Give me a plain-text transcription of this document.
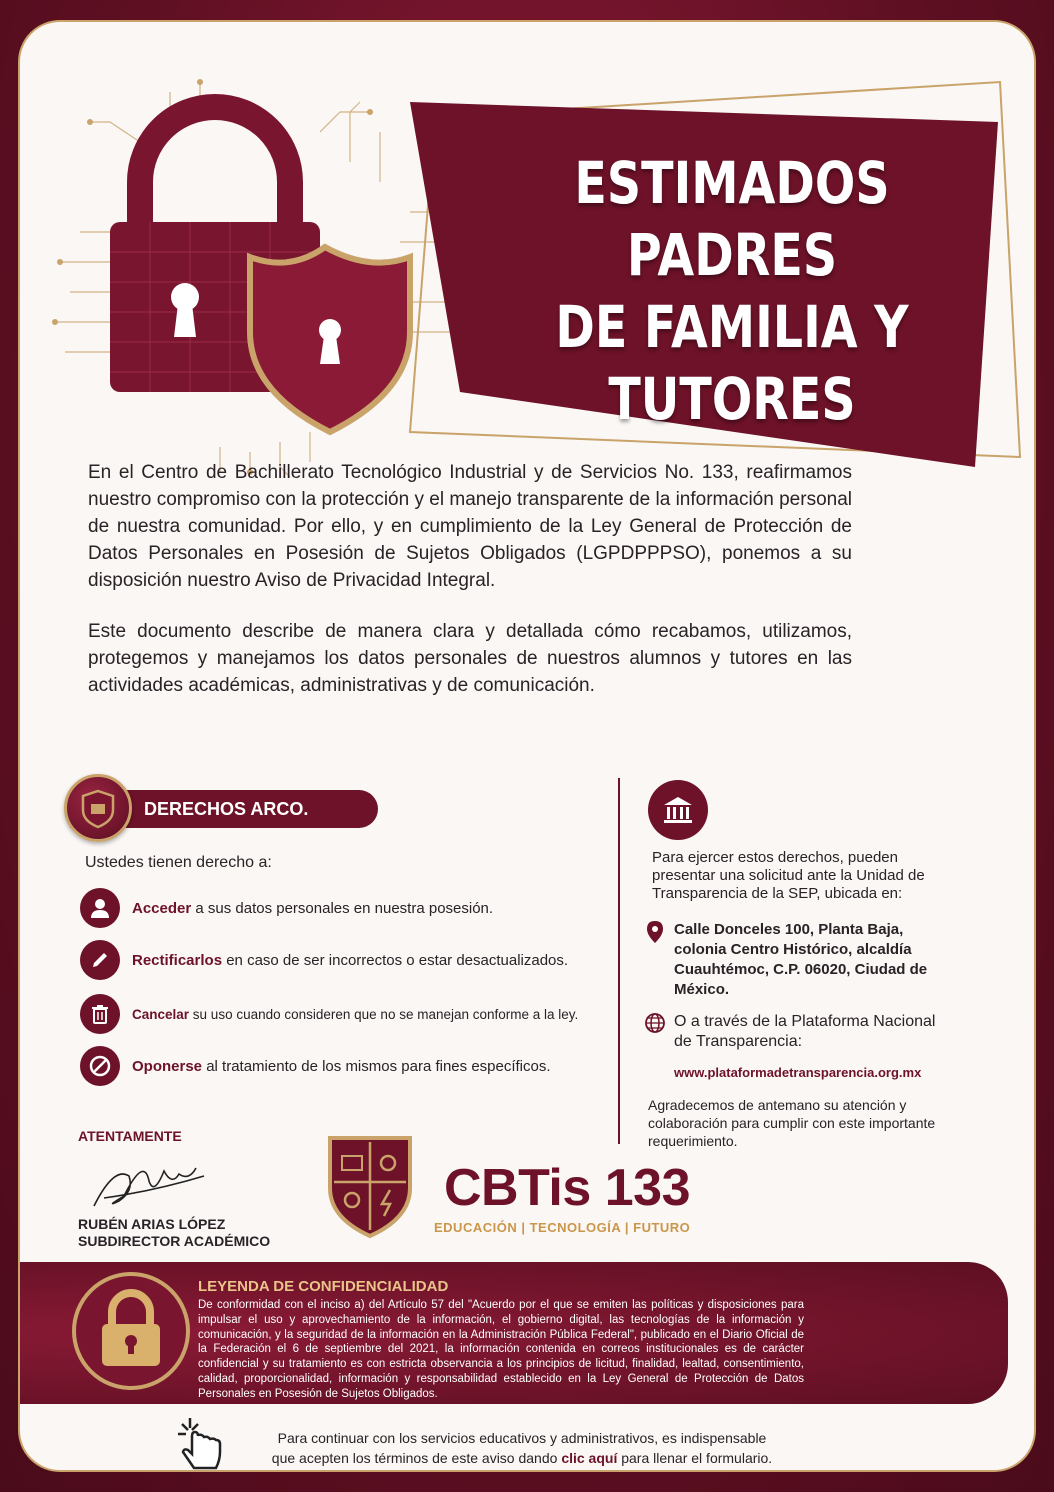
ESTIMADOS PADRES
DE FAMILIA Y
TUTORES

En el Centro de Bachillerato Tecnológico Industrial y de Servicios No. 133, reafirmamos nuestro compromiso con la protección y el manejo transparente de la información personal de nuestra comunidad. Por ello, y en cumplimiento de la Ley General de Protección de Datos Personales en Posesión de Sujetos Obligados (LGPDPPPSO), ponemos a su disposición nuestro Aviso de Privacidad Integral.

Este documento describe de manera clara y detallada cómo recabamos, utilizamos, protegemos y manejamos los datos personales de nuestros alumnos y tutores en las actividades académicas, administrativas y de comunicación.

DERECHOS ARCO.
Ustedes tienen derecho a:
Acceder a sus datos personales en nuestra posesión.
Rectificarlos en caso de ser incorrectos o estar desactualizados.
Cancelar su uso cuando consideren que no se manejan conforme a la ley.
Oponerse al tratamiento de los mismos para fines específicos.
Para ejercer estos derechos, pueden presentar una solicitud ante la Unidad de Transparencia de la SEP, ubicada en:
Calle Donceles 100, Planta Baja, colonia Centro Histórico, alcaldía Cuauhtémoc, C.P. 06020, Ciudad de México.
O a través de la Plataforma Nacional de Transparencia:
www.plataformadetransparencia.org.mx
Agradecemos de antemano su atención y colaboración para cumplir con este importante requerimiento.
ATENTAMENTE
RUBÉN ARIAS LÓPEZ
SUBDIRECTOR ACADÉMICO
CBTis 133
EDUCACIÓN | TECNOLOGÍA | FUTURO
LEYENDA DE CONFIDENCIALIDAD
De conformidad con el inciso a) del Artículo 57 del "Acuerdo por el que se emiten las políticas y disposiciones para impulsar el uso y aprovechamiento de la información, el gobierno digital, las tecnologías de la información y comunicación, y la seguridad de la información en la Administración Pública Federal", publicado en el Diario Oficial de la Federación el 6 de septiembre del 2021, la información contenida en correos institucionales es de carácter confidencial y su tratamiento es con estricta observancia a los principios de licitud, finalidad, lealtad, consentimiento, calidad, proporcionalidad, información y responsabilidad establecido en la Ley General de Protección de Datos Personales en Posesión de Sujetos Obligados.
Para continuar con los servicios educativos y administrativos, es indispensable
que acepten los términos de este aviso dando clic aquí para llenar el formulario.
